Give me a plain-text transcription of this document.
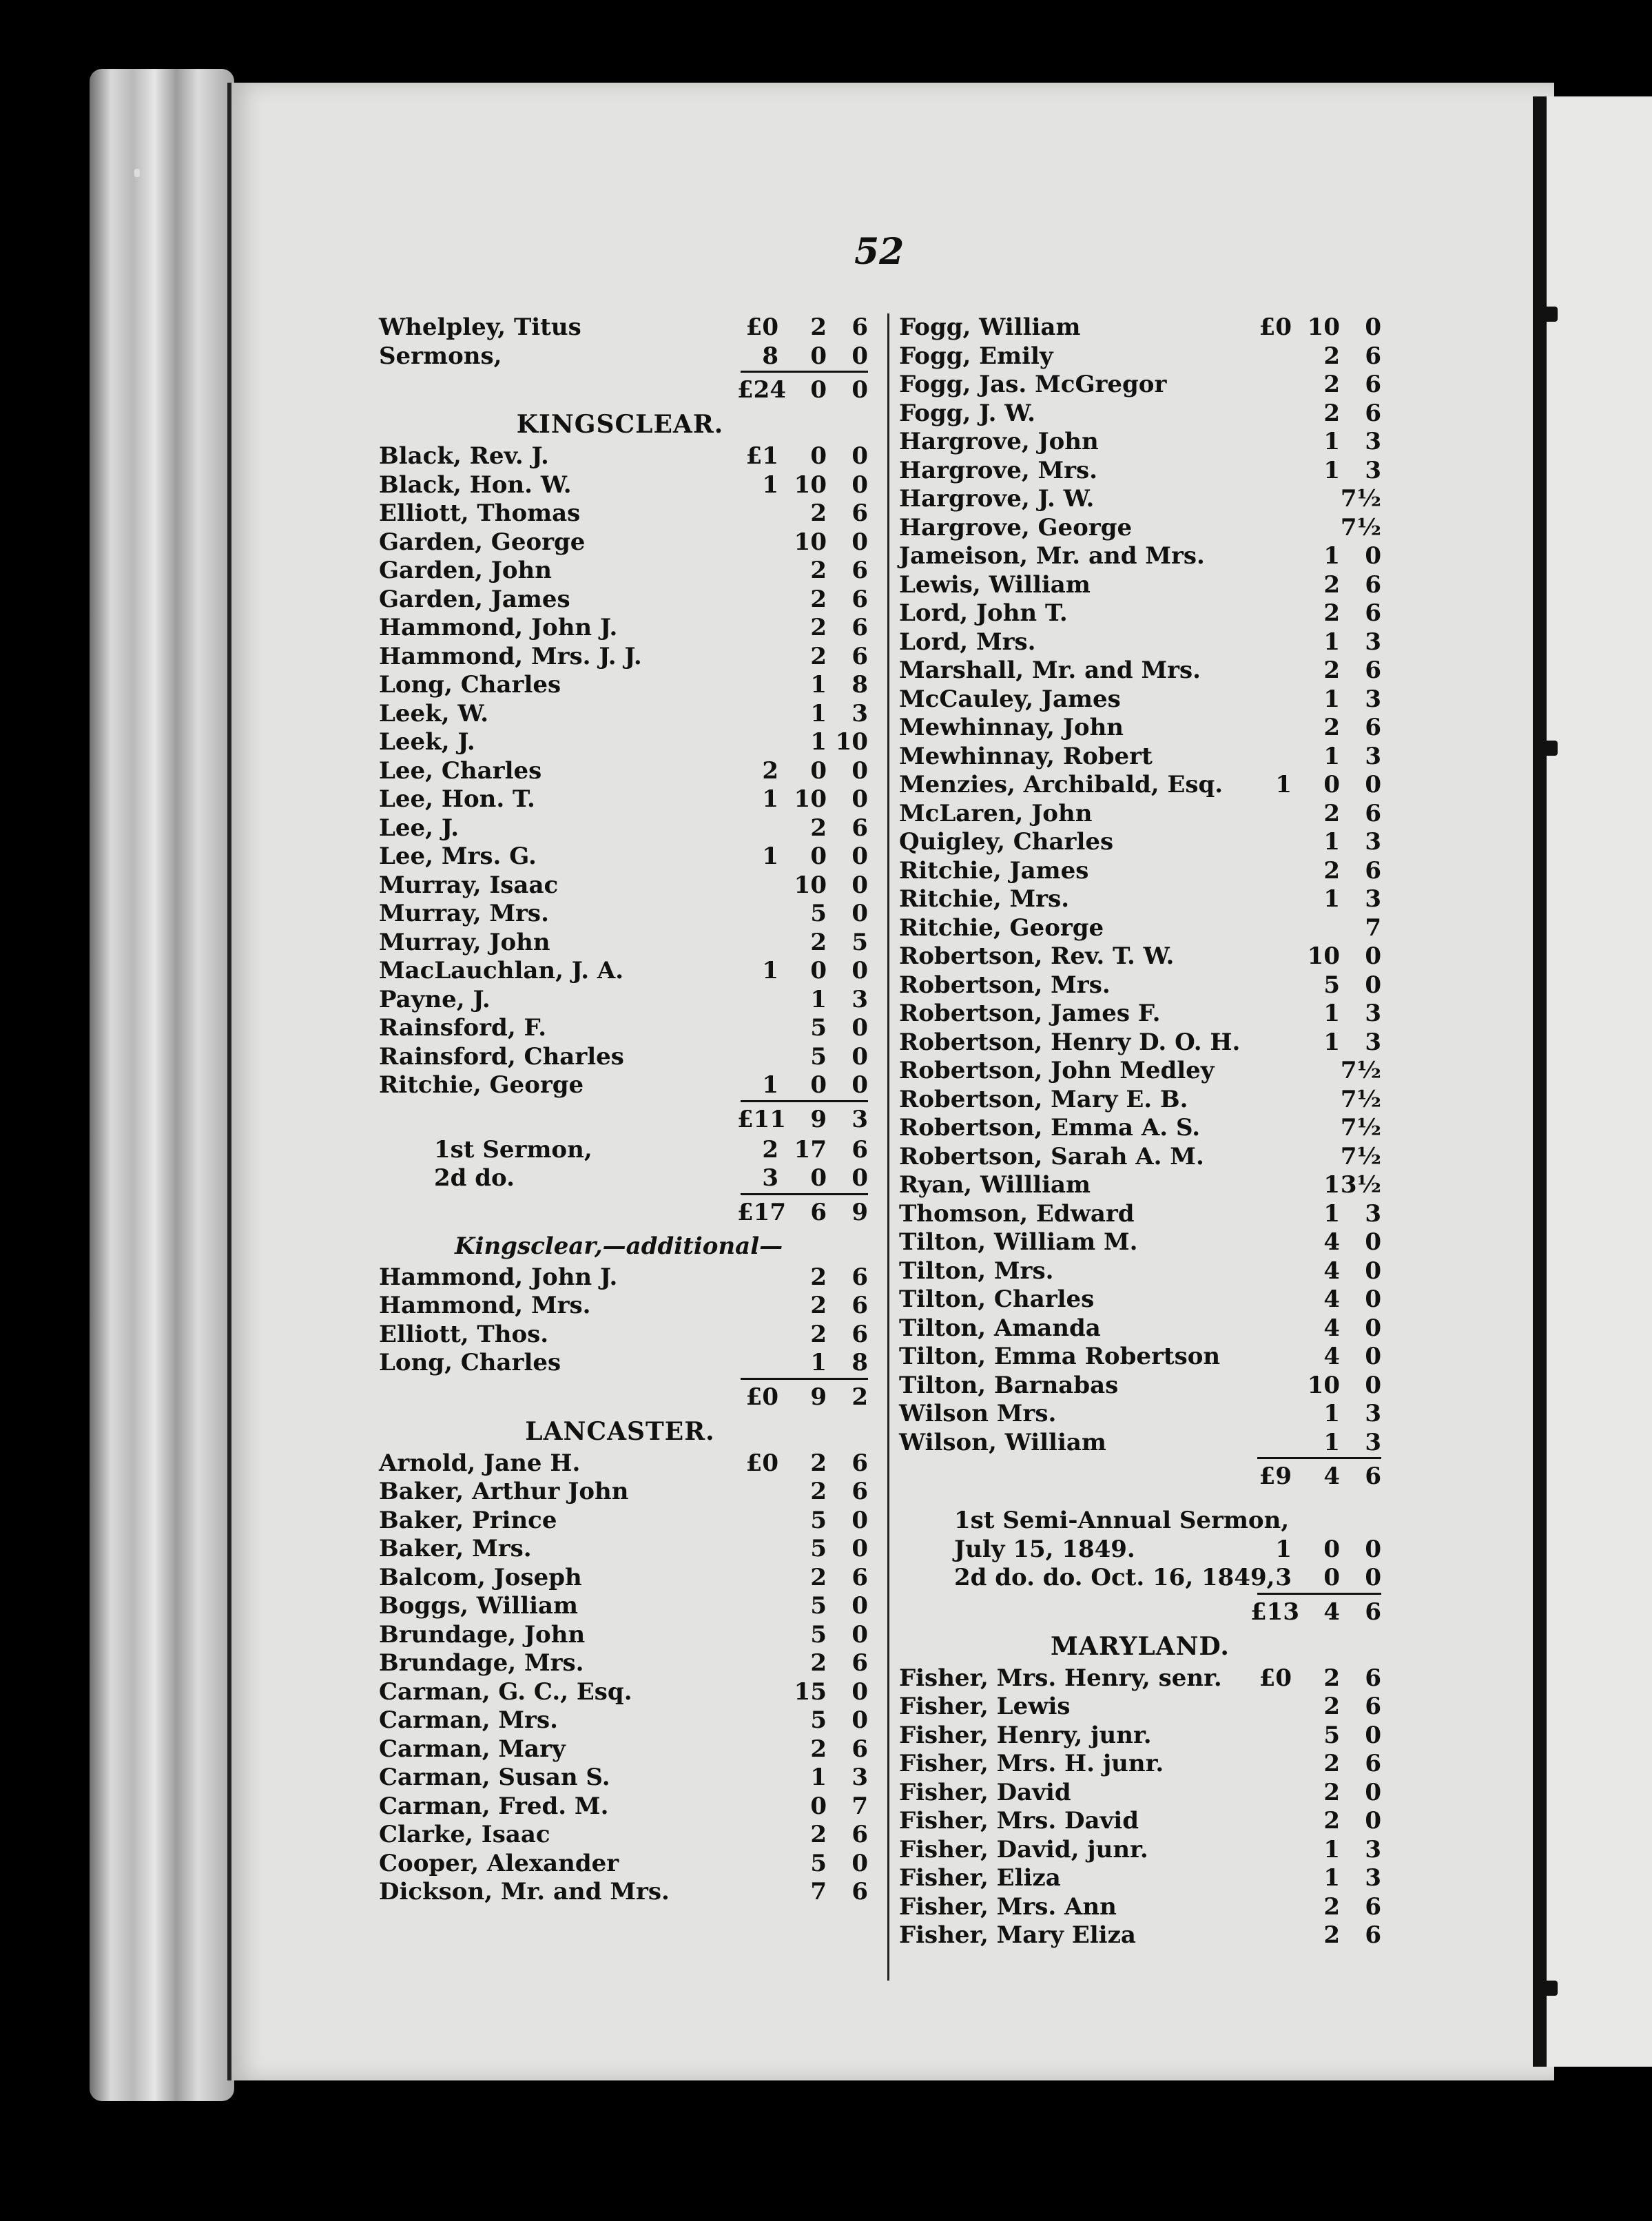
52
Whelpley, Titus	£0	2	6
Sermons,	8	0	0
£24	0	0
KINGSCLEAR.
Black, Rev. J.	£1	0	0
Black, Hon. W.	1 10	0
Elliott, Thomas	2	6
Garden, George	10	0
Garden, John	2	6
Garden, James	2	6
Hammond, John J.	2	6
Hammond, Mrs. J. J.	2	6
Long, Charles	1	8
Leek, W.	1	3
Leek, J.	1 10
Lee, Charles	2	0	0
Lee, Hon. T.	1 10	0
Lee, J.	2	6
Lee, Mrs. G.	1	0	0
Murray, Isaac	10	0
Murray, Mrs.	5	0
Murray, John	2	5
MacLauchlan, J. A.	1	0	0
Payne, J.	1	3
Rainsford, F.	5	0
Rainsford, Charles	5	0
Ritchie, George	1	0	0
£11	9	3
1st Sermon,	2 17	6
2d do.	3	0	0
£17	6	9
Kingsclear,—additional—
Hammond, John J.	2	6
Hammond, Mrs.	2	6
Elliott, Thos.	2	6
Long, Charles	1	8
£0	9	2
LANCASTER.
Arnold, Jane H.	£0	2	6
Baker, Arthur John	2	6
Baker, Prince	5	0
Baker, Mrs.	5	0
Balcom, Joseph	2	6
Boggs, William	5	0
Brundage, John	5	0
Brundage, Mrs.	2	6
Carman, G. C., Esq.	15	0
Carman, Mrs.	5	0
Carman, Mary	2	6
Carman, Susan S.	1	3
Carman, Fred. M.	0	7
Clarke, Isaac	2	6
Cooper, Alexander	5	0
Dickson, Mr. and Mrs.	7	6
Fogg, William	£0 10	0
Fogg, Emily	2	6
Fogg, Jas. McGregor	2	6
Fogg, J. W.	2	6
Hargrove, John	1	3
Hargrove, Mrs.	1	3
Hargrove, J. W.	7½
Hargrove, George	7½
Jameison, Mr. and Mrs.	1	0
Lewis, William	2	6
Lord, John T.	2	6
Lord, Mrs.	1	3
Marshall, Mr. and Mrs.	2	6
McCauley, James	1	3
Mewhinnay, John	2	6
Mewhinnay, Robert	1	3
Menzies, Archibald, Esq.	1	0	0
McLaren, John	2	6
Quigley, Charles	1	3
Ritchie, James	2	6
Ritchie, Mrs.	1	3
Ritchie, George	7
Robertson, Rev. T. W.	10	0
Robertson, Mrs.	5	0
Robertson, James F.	1	3
Robertson, Henry D. O. H.	1	3
Robertson, John Medley	7½
Robertson, Mary E. B.	7½
Robertson, Emma A. S.	7½
Robertson, Sarah A. M.	7½
Ryan, Willliam	1 3½
Thomson, Edward	1	3
Tilton, William M.	4	0
Tilton, Mrs.	4	0
Tilton, Charles	4	0
Tilton, Amanda	4	0
Tilton, Emma Robertson	4	0
Tilton, Barnabas	10	0
Wilson Mrs.	1	3
Wilson, William	1	3
£9	4	6
1st Semi-Annual Sermon,
July 15, 1849.	1	0	0
2d do. do. Oct. 16, 1849, 3	0	0
£13	4	6
MARYLAND.
Fisher, Mrs. Henry, senr.	£0	2	6
Fisher, Lewis	2	6
Fisher, Henry, junr.	5	0
Fisher, Mrs. H. junr.	2	6
Fisher, David	2	0
Fisher, Mrs. David	2	0
Fisher, David, junr.	1	3
Fisher, Eliza	1	3
Fisher, Mrs. Ann	2	6
Fisher, Mary Eliza	2	6
